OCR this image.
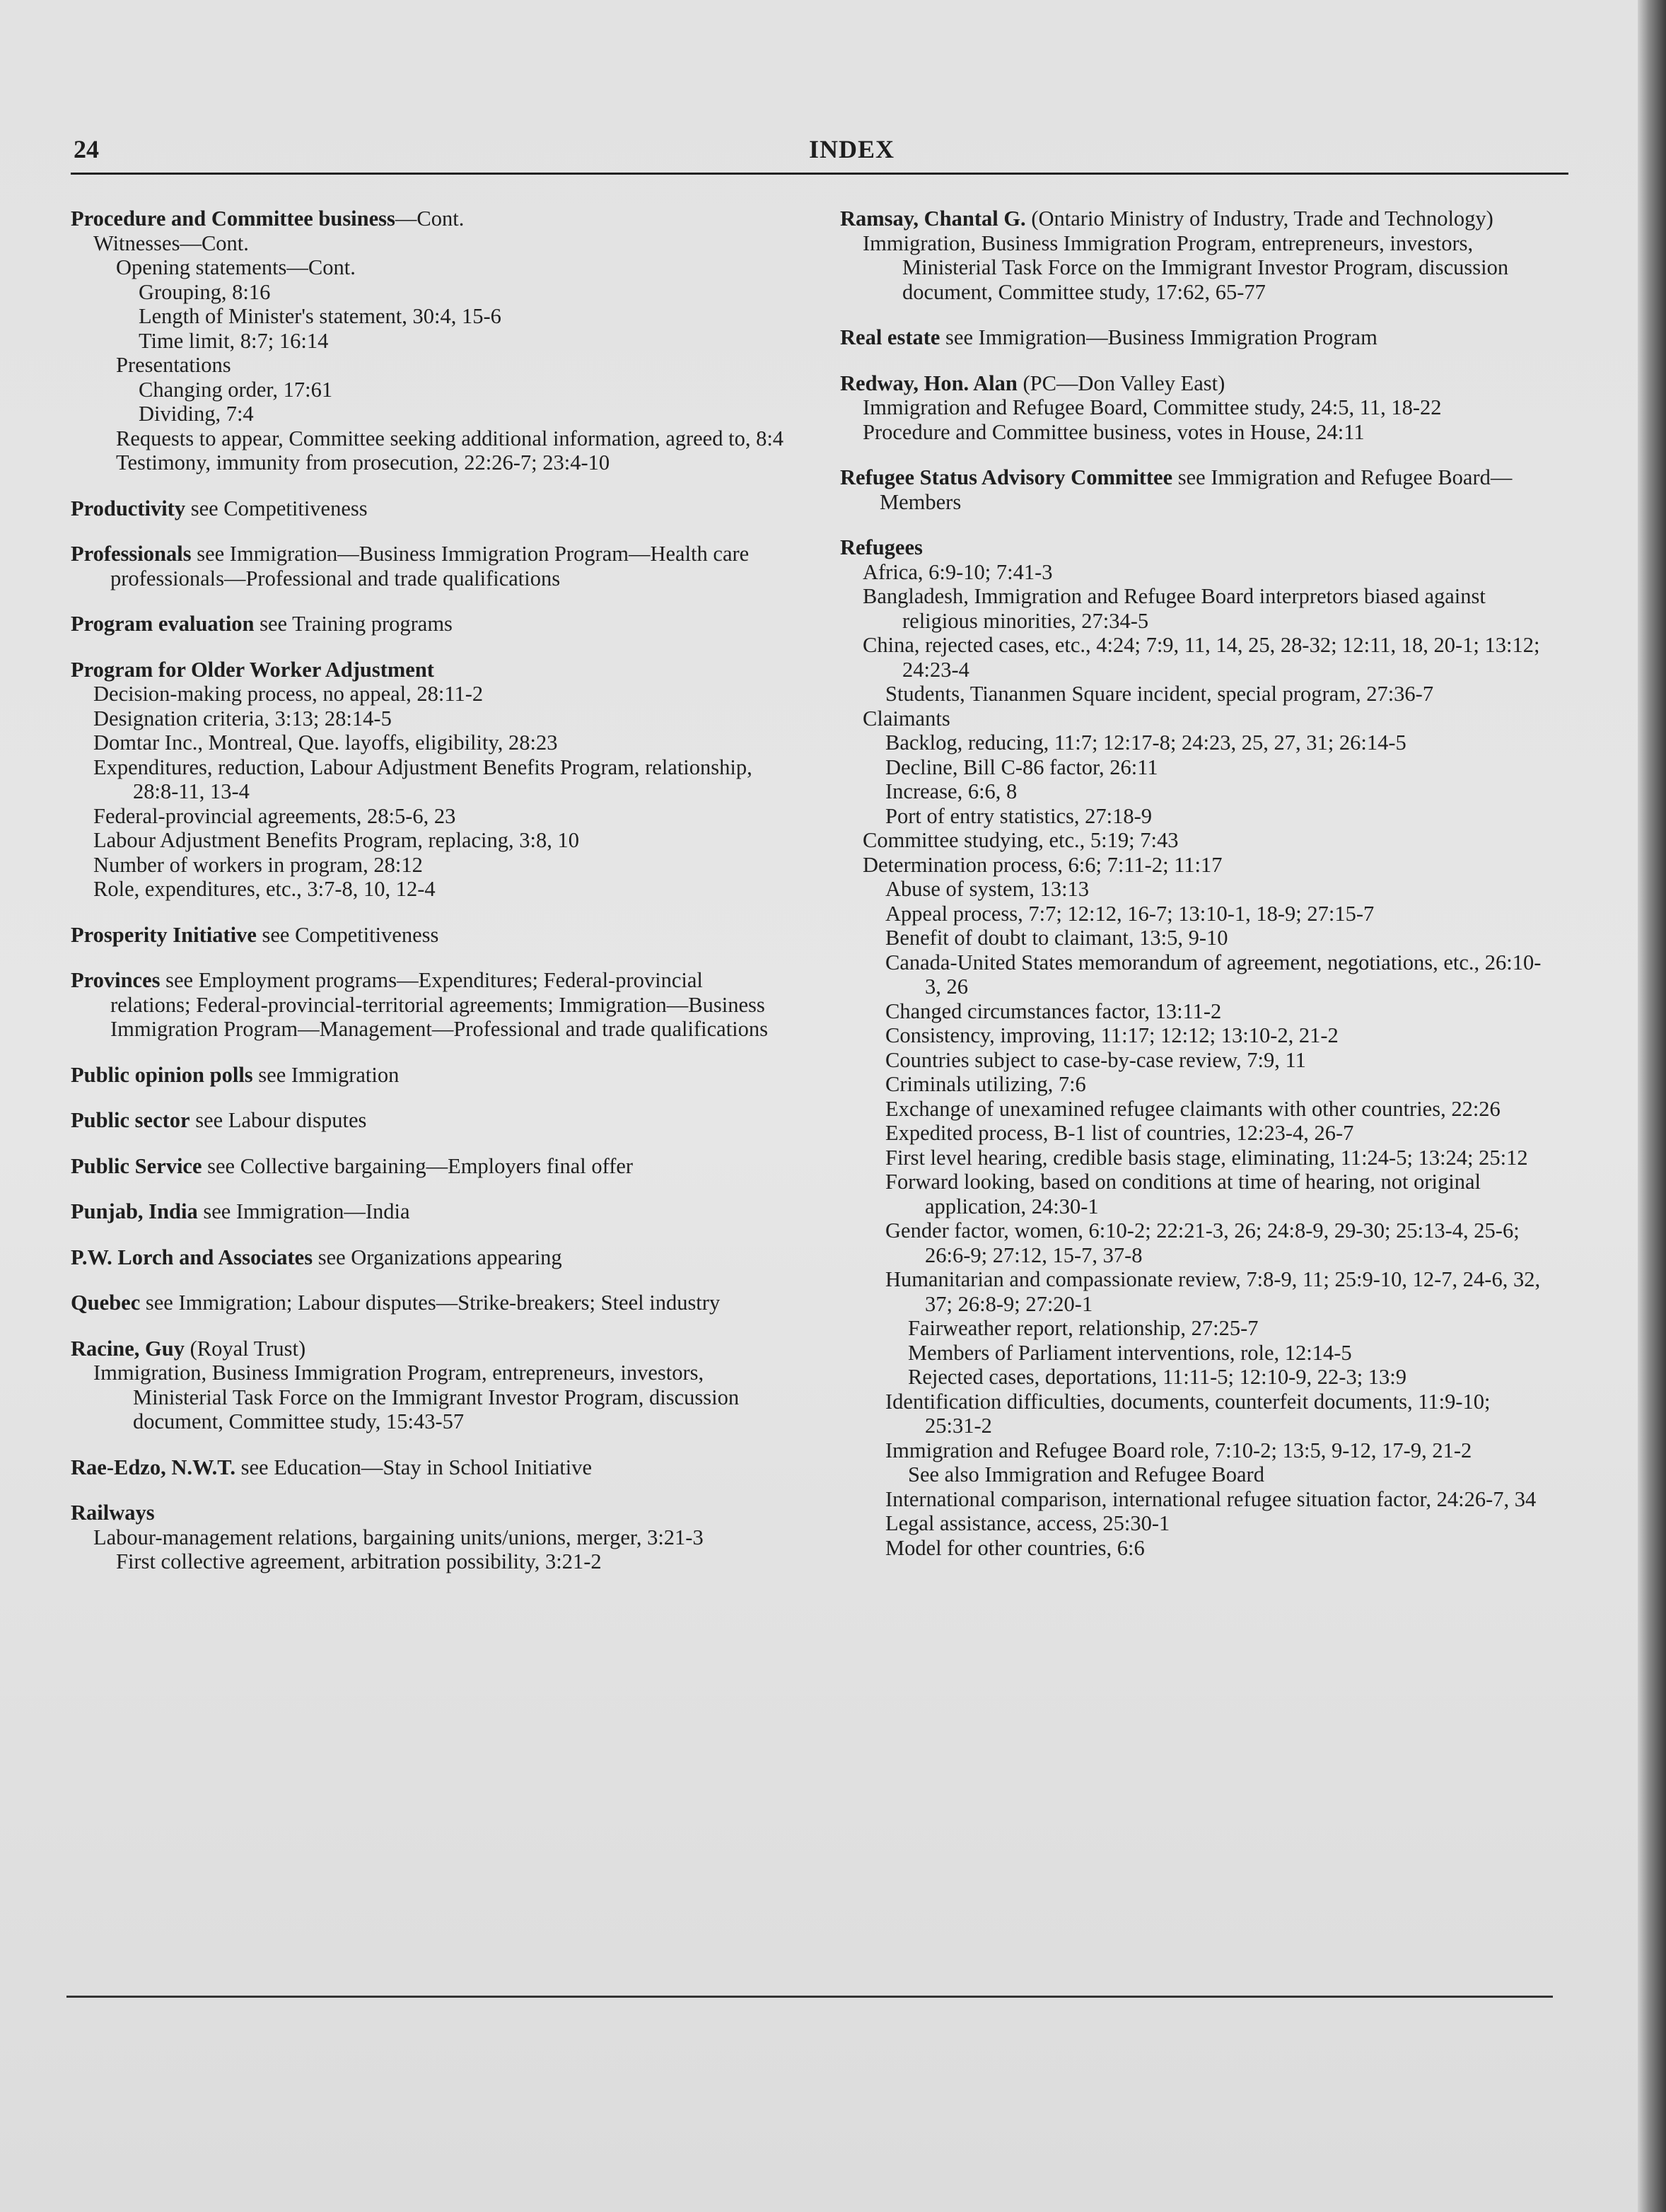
24	INDEX
Procedure and Committee business—Cont.
Witnesses—Cont.
Opening statements—Cont.
Grouping, 8:16
Length of Minister's statement, 30:4, 15-6
Time limit, 8:7; 16:14
Presentations
Changing order, 17:61
Dividing, 7:4
Requests to appear, Committee seeking additional information, agreed to, 8:4
Testimony, immunity from prosecution, 22:26-7; 23:4-10
Productivity see Competitiveness
Professionals see Immigration—Business Immigration Program—Health care professionals—Professional and trade qualifications
Program evaluation see Training programs
Program for Older Worker Adjustment
Decision-making process, no appeal, 28:11-2
Designation criteria, 3:13; 28:14-5
Domtar Inc., Montreal, Que. layoffs, eligibility, 28:23
Expenditures, reduction, Labour Adjustment Benefits Program, relationship, 28:8-11, 13-4
Federal-provincial agreements, 28:5-6, 23
Labour Adjustment Benefits Program, replacing, 3:8, 10
Number of workers in program, 28:12
Role, expenditures, etc., 3:7-8, 10, 12-4
Prosperity Initiative see Competitiveness
Provinces see Employment programs—Expenditures; Federal-provincial relations; Federal-provincial-territorial agreements; Immigration—Business Immigration Program—Management—Professional and trade qualifications
Public opinion polls see Immigration
Public sector see Labour disputes
Public Service see Collective bargaining—Employers final offer
Punjab, India see Immigration—India
P.W. Lorch and Associates see Organizations appearing
Quebec see Immigration; Labour disputes—Strike-breakers; Steel industry
Racine, Guy (Royal Trust)
Immigration, Business Immigration Program, entrepreneurs, investors, Ministerial Task Force on the Immigrant Investor Program, discussion document, Committee study, 15:43-57
Rae-Edzo, N.W.T. see Education—Stay in School Initiative
Railways
Labour-management relations, bargaining units/unions, merger, 3:21-3
First collective agreement, arbitration possibility, 3:21-2
Ramsay, Chantal G. (Ontario Ministry of Industry, Trade and Technology)
Immigration, Business Immigration Program, entrepreneurs, investors, Ministerial Task Force on the Immigrant Investor Program, discussion document, Committee study, 17:62, 65-77
Real estate see Immigration—Business Immigration Program
Redway, Hon. Alan (PC—Don Valley East)
Immigration and Refugee Board, Committee study, 24:5, 11, 18-22
Procedure and Committee business, votes in House, 24:11
Refugee Status Advisory Committee see Immigration and Refugee Board—Members
Refugees
Africa, 6:9-10; 7:41-3
Bangladesh, Immigration and Refugee Board interpretors biased against religious minorities, 27:34-5
China, rejected cases, etc., 4:24; 7:9, 11, 14, 25, 28-32; 12:11, 18, 20-1; 13:12; 24:23-4
Students, Tiananmen Square incident, special program, 27:36-7
Claimants
Backlog, reducing, 11:7; 12:17-8; 24:23, 25, 27, 31; 26:14-5
Decline, Bill C-86 factor, 26:11
Increase, 6:6, 8
Port of entry statistics, 27:18-9
Committee studying, etc., 5:19; 7:43
Determination process, 6:6; 7:11-2; 11:17
Abuse of system, 13:13
Appeal process, 7:7; 12:12, 16-7; 13:10-1, 18-9; 27:15-7
Benefit of doubt to claimant, 13:5, 9-10
Canada-United States memorandum of agreement, negotiations, etc., 26:10-3, 26
Changed circumstances factor, 13:11-2
Consistency, improving, 11:17; 12:12; 13:10-2, 21-2
Countries subject to case-by-case review, 7:9, 11
Criminals utilizing, 7:6
Exchange of unexamined refugee claimants with other countries, 22:26
Expedited process, B-1 list of countries, 12:23-4, 26-7
First level hearing, credible basis stage, eliminating, 11:24-5; 13:24; 25:12
Forward looking, based on conditions at time of hearing, not original application, 24:30-1
Gender factor, women, 6:10-2; 22:21-3, 26; 24:8-9, 29-30; 25:13-4, 25-6; 26:6-9; 27:12, 15-7, 37-8
Humanitarian and compassionate review, 7:8-9, 11; 25:9-10, 12-7, 24-6, 32, 37; 26:8-9; 27:20-1
Fairweather report, relationship, 27:25-7
Members of Parliament interventions, role, 12:14-5
Rejected cases, deportations, 11:11-5; 12:10-9, 22-3; 13:9
Identification difficulties, documents, counterfeit documents, 11:9-10; 25:31-2
Immigration and Refugee Board role, 7:10-2; 13:5, 9-12, 17-9, 21-2
See also Immigration and Refugee Board
International comparison, international refugee situation factor, 24:26-7, 34
Legal assistance, access, 25:30-1
Model for other countries, 6:6
